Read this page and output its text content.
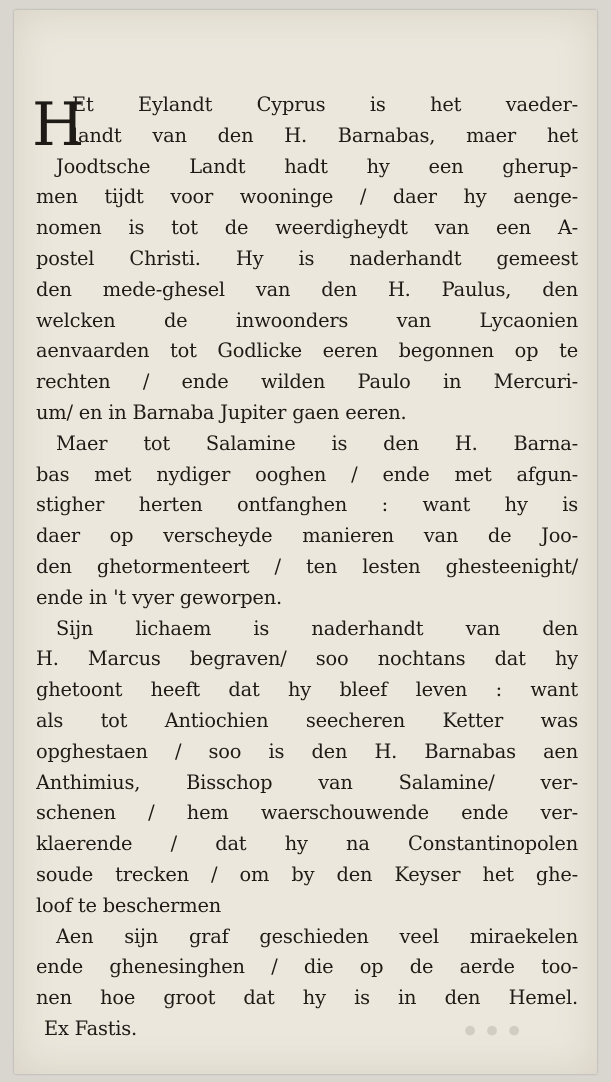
H
Et Eylandt Cyprus is het vaeder-
landt van den H. Barnabas, maer het
Joodtsche Landt hadt hy een gherup-
men tijdt voor wooninge / daer hy aenge-
nomen is tot de weerdigheydt van een A-
postel Christi. Hy is naderhandt gemeest
den mede-ghesel van den H. Paulus, den
welcken de inwoonders van Lycaonien
aenvaarden tot Godlicke eeren begonnen op te
rechten / ende wilden Paulo in Mercuri-
um/ en in Barnaba Jupiter gaen eeren.
Maer tot Salamine is den H. Barna-
bas met nydiger ooghen / ende met afgun-
stigher herten ontfanghen : want hy is
daer op verscheyde manieren van de Joo-
den ghetormenteert / ten lesten ghesteenight/
ende in 't vyer geworpen.
Sijn lichaem is naderhandt van den
H. Marcus begraven/ soo nochtans dat hy
ghetoont heeft dat hy bleef leven : want
als tot Antiochien seecheren Ketter was
opghestaen / soo is den H. Barnabas aen
Anthimius, Bisschop van Salamine/ ver-
schenen / hem waerschouwende ende ver-
klaerende / dat hy na Constantinopolen
soude trecken / om by den Keyser het ghe-
loof te beschermen
Aen sijn graf geschieden veel miraekelen
ende ghenesinghen / die op de aerde too-
nen hoe groot dat hy is in den Hemel.
Ex Fastis.	•••
